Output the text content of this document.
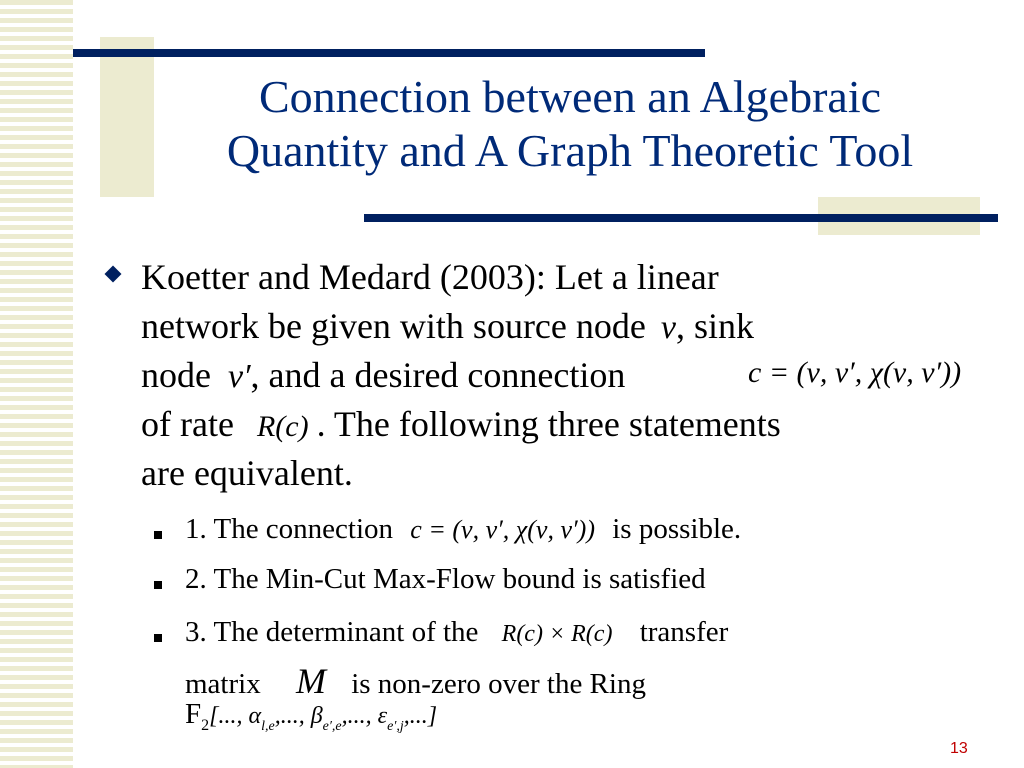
Connection between an Algebraic
Quantity and A Graph Theoretic Tool
Koetter and Medard (2003): Let a linear
network be given with source node ν, sink
node ν′, and a desired connection	c = (ν, ν′, χ(ν, ν′))
of rate R(c) . The following three statements
are equivalent.
1. The connection c = (ν, ν′, χ(ν, ν′)) is possible.
2. The Min-Cut Max-Flow bound is satisfied
3. The determinant of the R(c) × R(c) transfer
matrix M is non-zero over the Ring
$F_2$[..., $\alpha_{l,e}$,..., $\beta_{e',e}$,..., $\varepsilon_{e',j}$,...]
13
